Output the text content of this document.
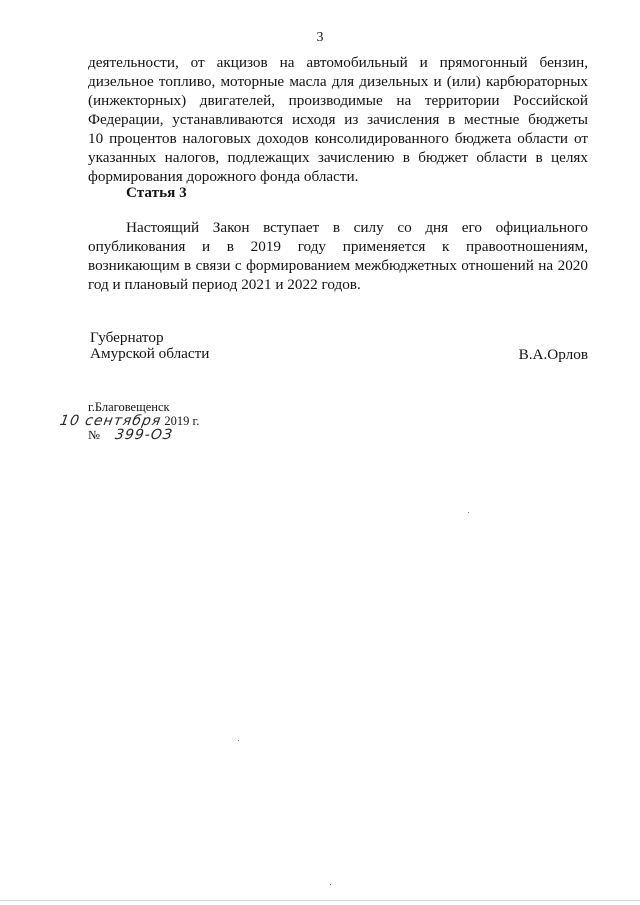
3
деятельности, от акцизов на автомобильный и прямогонный бензин,
дизельное топливо, моторные масла для дизельных и (или) карбюраторных
(инжекторных) двигателей, производимые на территории Российской
Федерации, устанавливаются исходя из зачисления в местные бюджеты
10 процентов налоговых доходов консолидированного бюджета области от
указанных налогов, подлежащих зачислению в бюджет области в целях
формирования дорожного фонда области.
Статья 3
Настоящий Закон вступает в силу со дня его официального
опубликования и в 2019 году применяется к правоотношениям,
возникающим в связи с формированием межбюджетных отношений на 2020
год и плановый период 2021 и 2022 годов.
Губернатор
Амурской области	В.А.Орлов
г.Благовещенск
10 сентября 2019 г.
№ 399-ОЗ
